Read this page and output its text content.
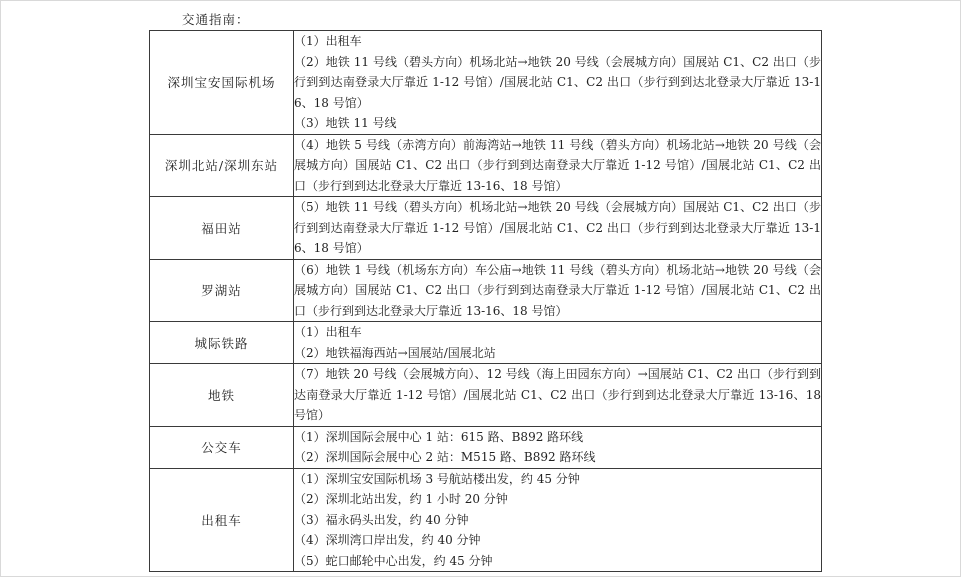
交通指南：
深圳宝安国际机场	（1）出租车
（2）地铁 11 号线（碧头方向）机场北站→地铁 20 号线（会展城方向）国展站 C1、C2 出口（步行到到达南登录大厅靠近 1-12 号馆）/国展北站 C1、C2 出口（步行到到达北登录大厅靠近 13-16、18 号馆）
（3）地铁 11 号线

深圳北站/深圳东站	（4）地铁 5 号线（赤湾方向）前海湾站→地铁 11 号线（碧头方向）机场北站→地铁 20 号线（会展城方向）国展站 C1、C2 出口（步行到到达南登录大厅靠近 1-12 号馆）/国展北站 C1、C2 出口（步行到到达北登录大厅靠近 13-16、18 号馆）

福田站	（5）地铁 11 号线（碧头方向）机场北站→地铁 20 号线（会展城方向）国展站 C1、C2 出口（步行到到达南登录大厅靠近 1-12 号馆）/国展北站 C1、C2 出口（步行到到达北登录大厅靠近 13-16、18 号馆）

罗湖站	（6）地铁 1 号线（机场东方向）车公庙→地铁 11 号线（碧头方向）机场北站→地铁 20 号线（会展城方向）国展站 C1、C2 出口（步行到到达南登录大厅靠近 1-12 号馆）/国展北站 C1、C2 出口（步行到到达北登录大厅靠近 13-16、18 号馆）

城际铁路	（1）出租车
（2）地铁福海西站→国展站/国展北站

地铁	（7）地铁 20 号线（会展城方向）、12 号线（海上田园东方向）→国展站 C1、C2 出口（步行到到达南登录大厅靠近 1-12 号馆）/国展北站 C1、C2 出口（步行到到达北登录大厅靠近 13-16、18 号馆）

公交车	（1）深圳国际会展中心 1 站：615 路、B892 路环线
（2）深圳国际会展中心 2 站：M515 路、B892 路环线

出租车	（1）深圳宝安国际机场 3 号航站楼出发，约 45 分钟
（2）深圳北站出发，约 1 小时 20 分钟
（3）福永码头出发，约 40 分钟
（4）深圳湾口岸出发，约 40 分钟
（5）蛇口邮轮中心出发，约 45 分钟
